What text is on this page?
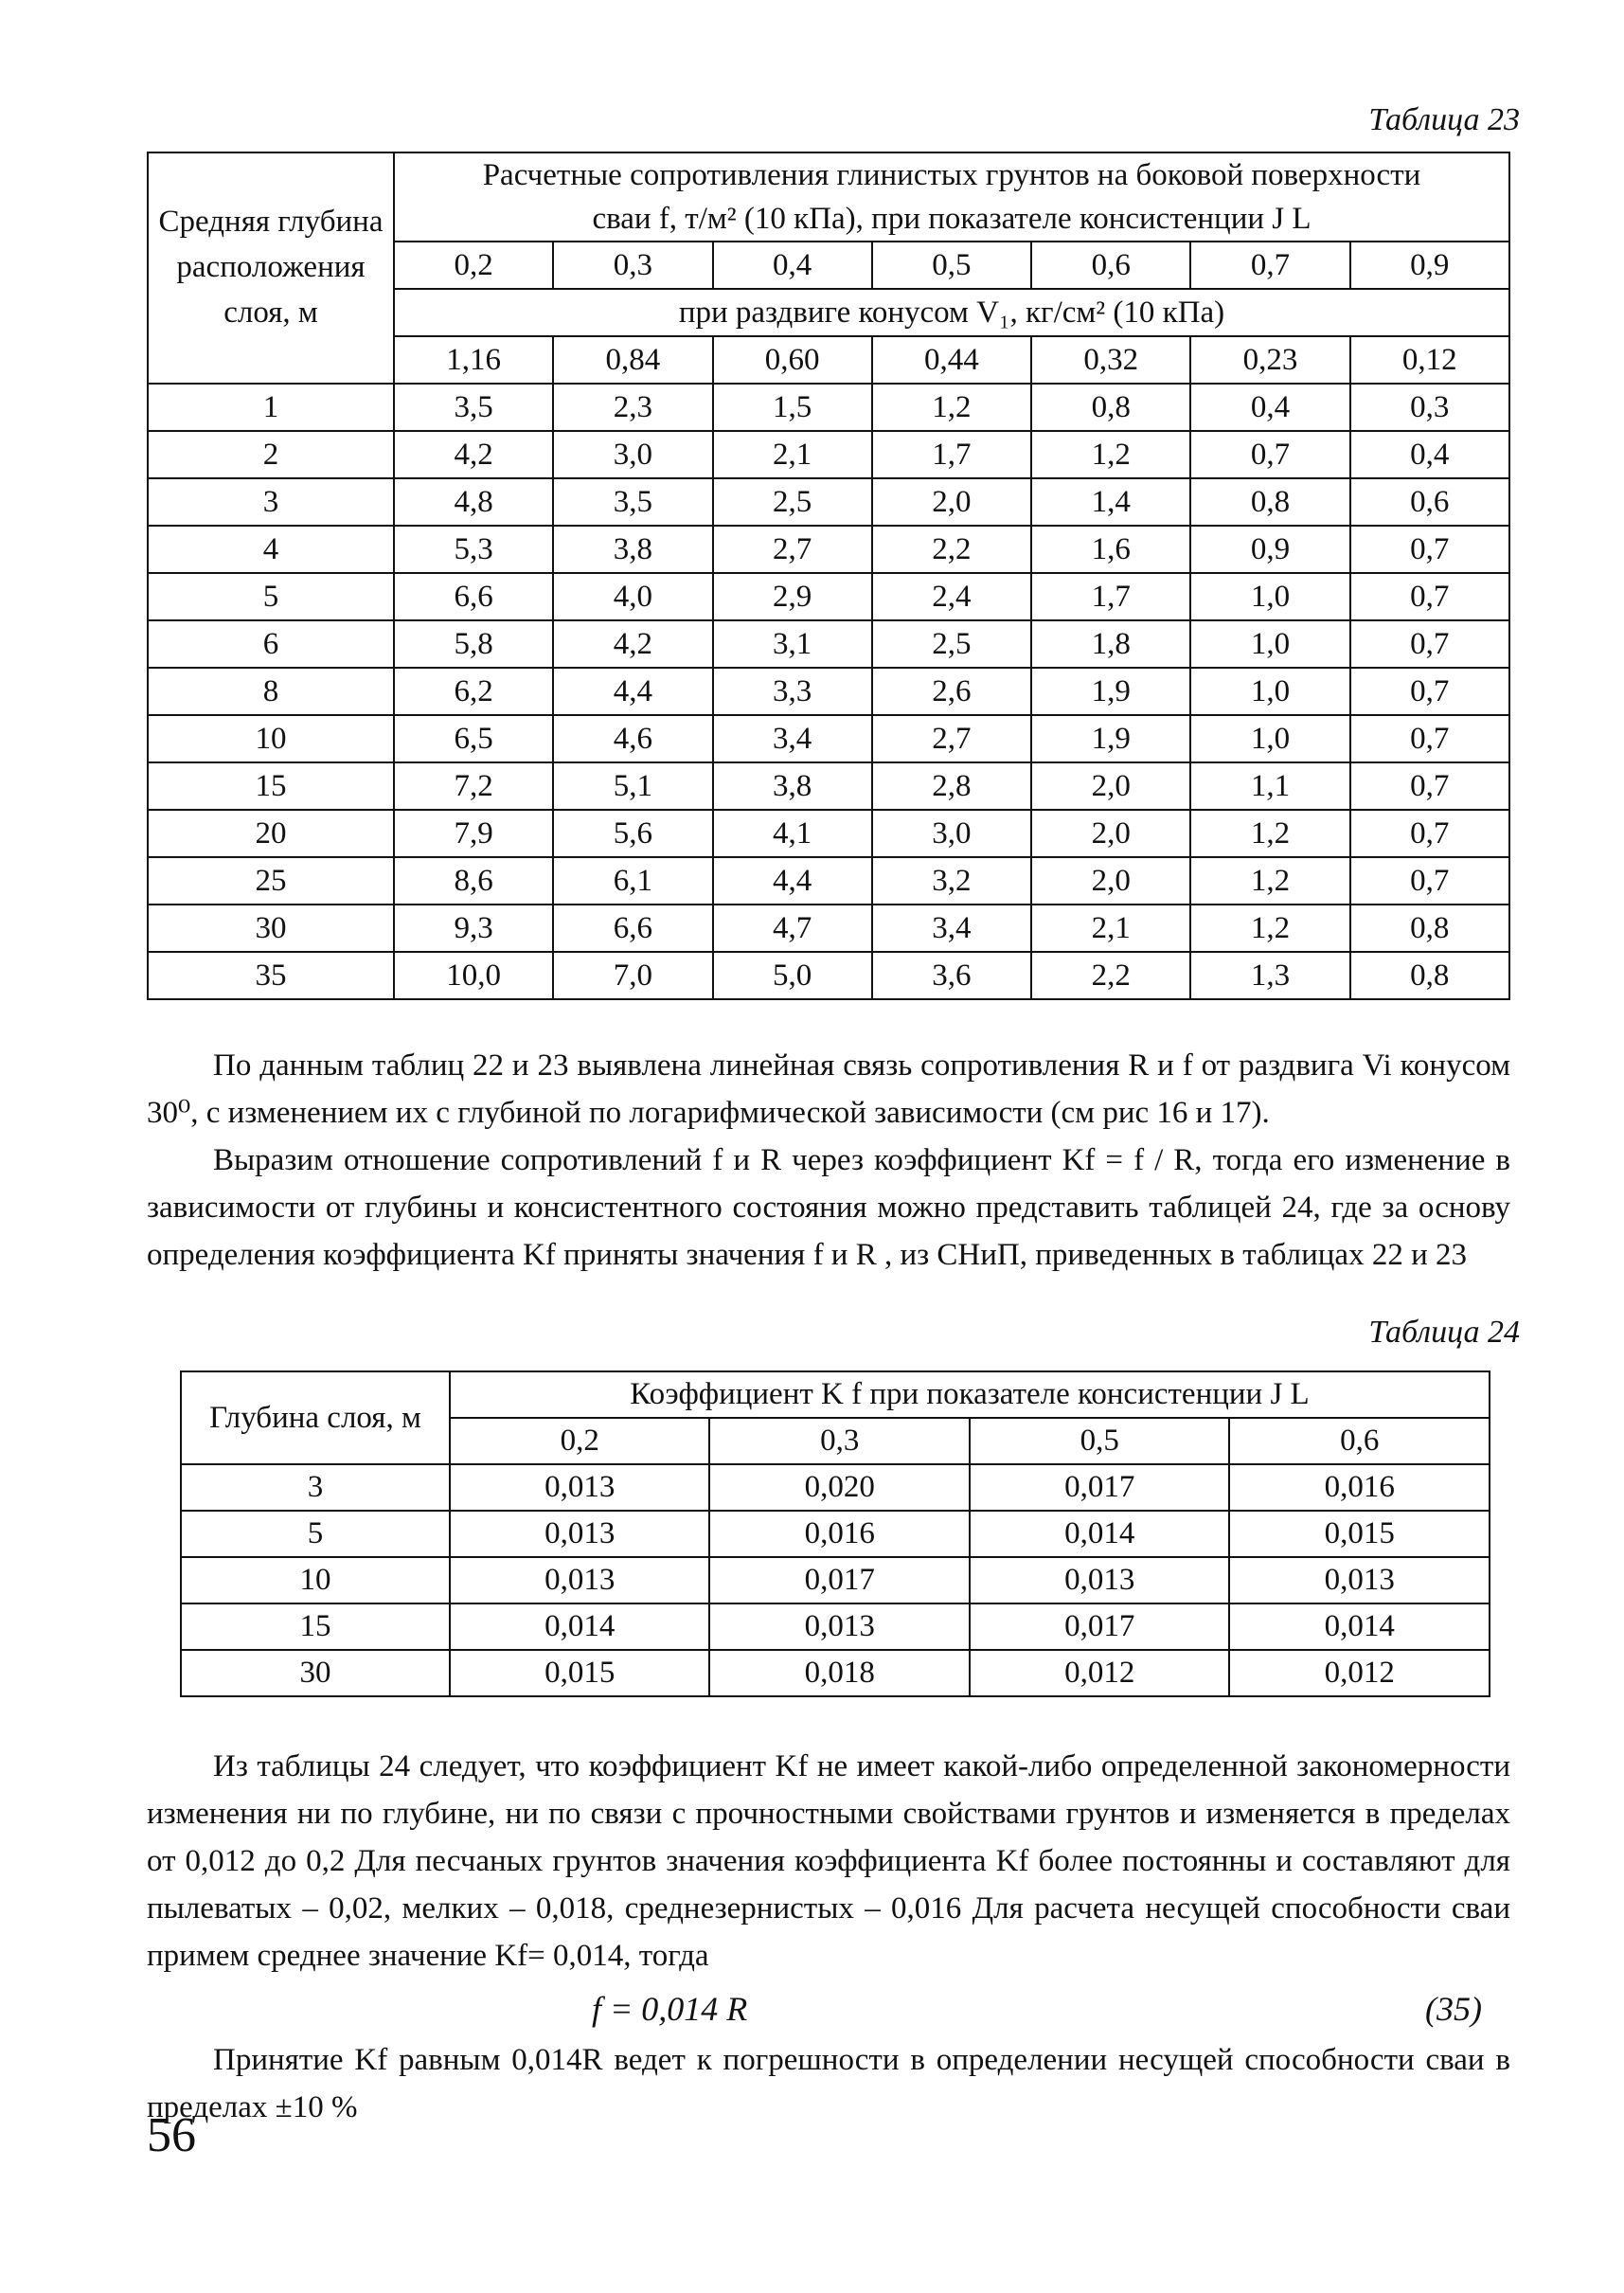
Таблица 23
Средняя глубина расположения слоя, м	Расчетные сопротивления глинистых грунтов на боковой поверхности
сваи f, т/м² (10 кПа), при показателе консистенции J L						

	0,2	0,3	0,4	0,5	0,6	0,7	0,9
	при раздвиге конусом V₁, кг/см² (10 кПа)						
	1,16	0,84	0,60	0,44	0,32	0,23	0,12
1	3,5	2,3	1,5	1,2	0,8	0,4	0,3
2	4,2	3,0	2,1	1,7	1,2	0,7	0,4
3	4,8	3,5	2,5	2,0	1,4	0,8	0,6
4	5,3	3,8	2,7	2,2	1,6	0,9	0,7
5	6,6	4,0	2,9	2,4	1,7	1,0	0,7
6	5,8	4,2	3,1	2,5	1,8	1,0	0,7
8	6,2	4,4	3,3	2,6	1,9	1,0	0,7
10	6,5	4,6	3,4	2,7	1,9	1,0	0,7
15	7,2	5,1	3,8	2,8	2,0	1,1	0,7
20	7,9	5,6	4,1	3,0	2,0	1,2	0,7
25	8,6	6,1	4,4	3,2	2,0	1,2	0,7
30	9,3	6,6	4,7	3,4	2,1	1,2	0,8
35	10,0	7,0	5,0	3,6	2,2	1,3	0,8
По данным таблиц 22 и 23 выявлена линейная связь сопротивления R и f от раздвига Vi конусом 30⁰, с изменением их с глубиной по логарифмической зависимости (см рис 16 и 17).
Выразим отношение сопротивлений f и R через коэффициент Kf = f / R, тогда его изменение в зависимости от глубины и консистентного состояния можно представить таблицей 24, где за основу определения коэффициента Kf приняты значения f и R , из СНиП, приведенных в таблицах 22 и 23
Таблица 24
Глубина слоя, м	Коэффициент K f при показателе консистенции J L			
	0,2	0,3	0,5	0,6
3	0,013	0,020	0,017	0,016
5	0,013	0,016	0,014	0,015
10	0,013	0,017	0,013	0,013
15	0,014	0,013	0,017	0,014
30	0,015	0,018	0,012	0,012
Из таблицы 24 следует, что коэффициент Kf не имеет какой-либо определенной закономерности изменения ни по глубине, ни по связи с прочностными свойствами грунтов и изменяется в пределах от 0,012 до 0,2 Для песчаных грунтов значения коэффициента Kf более постоянны и составляют для пылеватых – 0,02, мелких – 0,018, среднезернистых – 0,016 Для расчета несущей способности сваи примем среднее значение Kf= 0,014, тогда
f = 0,014 R	(35)
Принятие Kf равным 0,014R ведет к погрешности в определении несущей способности сваи в пределах ±10 %
56
